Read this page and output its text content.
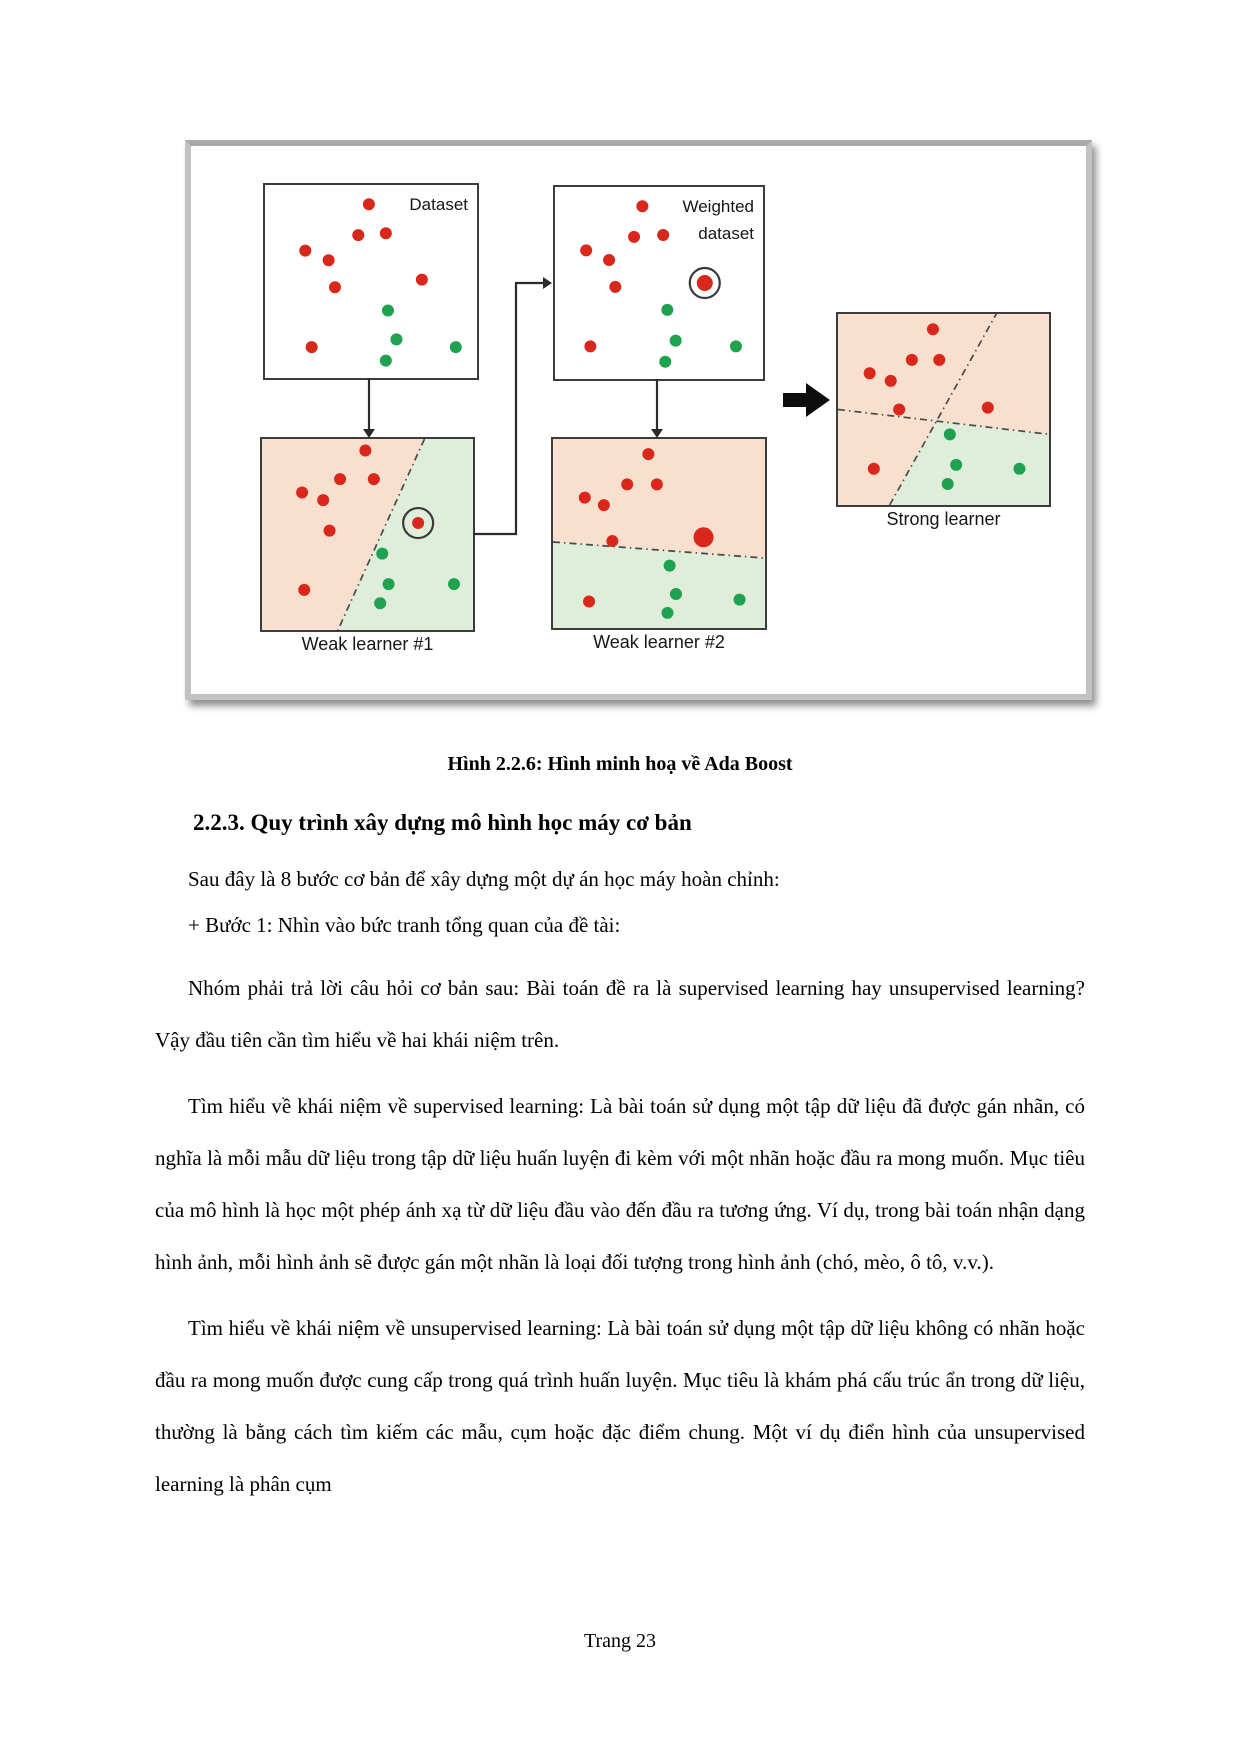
Dataset	Weighted
dataset
Weak learner #1	Weak learner #2
Strong learner
Hình 2.2.6: Hình minh hoạ về Ada Boost
2.2.3. Quy trình xây dựng mô hình học máy cơ bản

Sau đây là 8 bước cơ bản để xây dựng một dự án học máy hoàn chỉnh:

+ Bước 1: Nhìn vào bức tranh tổng quan của đề tài:

Nhóm phải trả lời câu hỏi cơ bản sau: Bài toán đề ra là supervised learning hay unsupervised learning? Vậy đầu tiên cần tìm hiểu về hai khái niệm trên.

Tìm hiểu về khái niệm về supervised learning: Là bài toán sử dụng một tập dữ liệu đã được gán nhãn, có nghĩa là mỗi mẫu dữ liệu trong tập dữ liệu huấn luyện đi kèm với một nhãn hoặc đầu ra mong muốn. Mục tiêu của mô hình là học một phép ánh xạ từ dữ liệu đầu vào đến đầu ra tương ứng. Ví dụ, trong bài toán nhận dạng hình ảnh, mỗi hình ảnh sẽ được gán một nhãn là loại đối tượng trong hình ảnh (chó, mèo, ô tô, v.v.).

Tìm hiểu về khái niệm về unsupervised learning: Là bài toán sử dụng một tập dữ liệu không có nhãn hoặc đầu ra mong muốn được cung cấp trong quá trình huấn luyện. Mục tiêu là khám phá cấu trúc ẩn trong dữ liệu, thường là bằng cách tìm kiếm các mẫu, cụm hoặc đặc điểm chung. Một ví dụ điển hình của unsupervised learning là phân cụm

Trang 23
